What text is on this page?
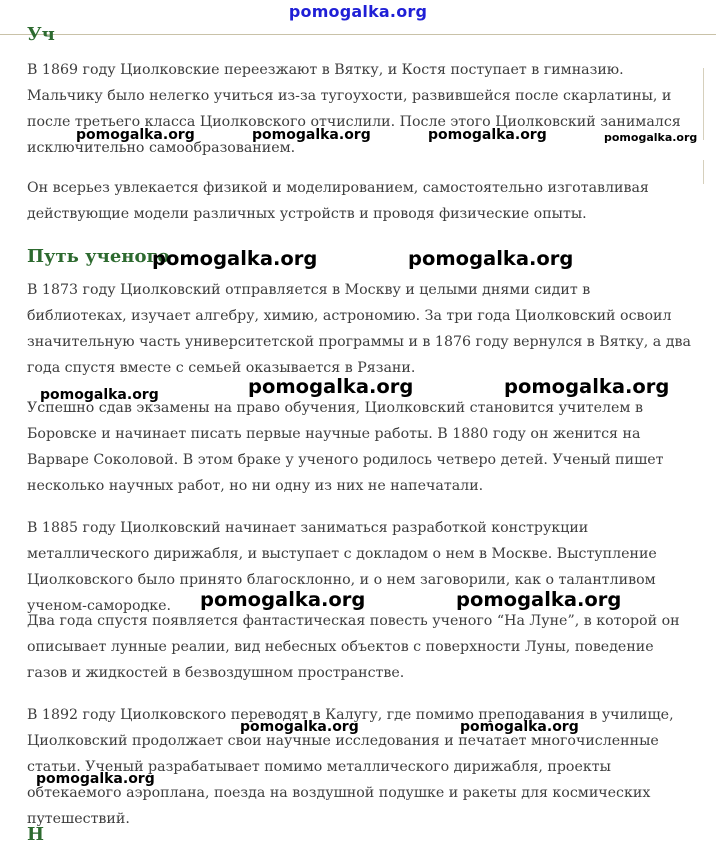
pomogalka.org
Уч

В 1869 году Циолковские переезжают в Вятку, и Костя поступает в гимназию. Мальчику было нелегко учиться из-за тугоухости, развившейся после скарлатины, и после третьего класса Циолковского отчислили. После этого Циолковский занимался исключительно самообразованием.

Он всерьез увлекается физикой и моделированием, самостоятельно изготавливая действующие модели различных устройств и проводя физические опыты.

Путь ученого

В 1873 году Циолковский отправляется в Москву и целыми днями сидит в библиотеках, изучает алгебру, химию, астрономию. За три года Циолковский освоил значительную часть университетской программы и в 1876 году вернулся в Вятку, а два года спустя вместе с семьей оказывается в Рязани.

Успешно сдав экзамены на право обучения, Циолковский становится учителем в Боровске и начинает писать первые научные работы. В 1880 году он женится на Варваре Соколовой. В этом браке у ученого родилось четверо детей. Ученый пишет несколько научных работ, но ни одну из них не напечатали.

В 1885 году Циолковский начинает заниматься разработкой конструкции металлического дирижабля, и выступает с докладом о нем в Москве. Выступление Циолковского было принято благосклонно, и о нем заговорили, как о талантливом ученом-самородке.

Два года спустя появляется фантастическая повесть ученого “На Луне”, в которой он описывает лунные реалии, вид небесных объектов с поверхности Луны, поведение газов и жидкостей в безвоздушном пространстве.

В 1892 году Циолковского переводят в Калугу, где помимо преподавания в училище, Циолковский продолжает свои научные исследования и печатает многочисленные статьи. Ученый разрабатывает помимо металлического дирижабля, проекты обтекаемого аэроплана, поезда на воздушной подушке и ракеты для космических путешествий.

Н
pomogalka.org	pomogalka.org	pomogalka.org	pomogalka.org
pomogalka.org	pomogalka.org
pomogalka.org	pomogalka.org	pomogalka.org
pomogalka.org	pomogalka.org
pomogalka.org	pomogalka.org
pomogalka.org
